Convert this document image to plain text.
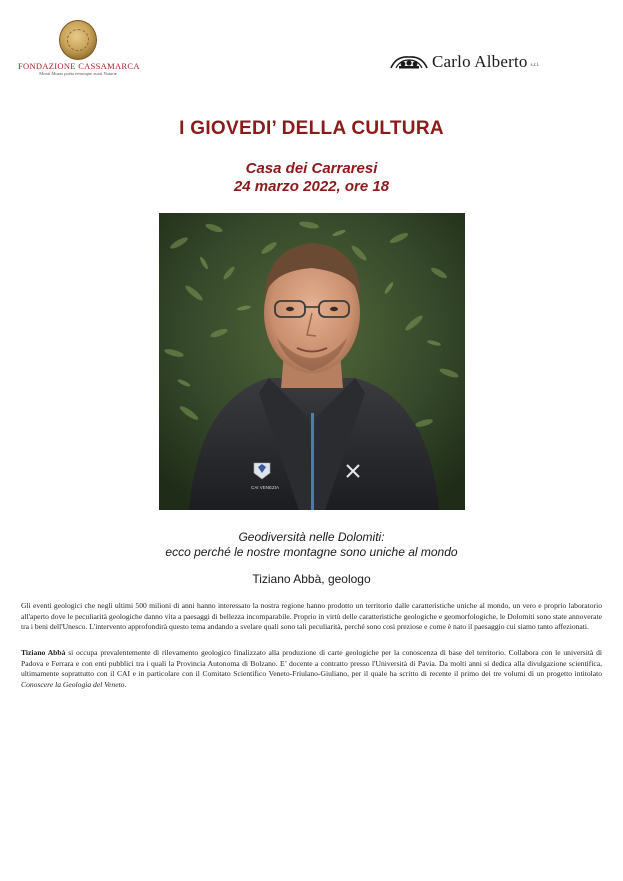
FONDAZIONE CASSAMARCA
Monti Musas poëta rerumque auxit Naturæ
Carlo Alberto s.r.l.
I GIOVEDI’ DELLA CULTURA
Casa dei Carraresi
24 marzo 2022, ore 18
CAI VENEZIA
Geodiversità nelle Dolomiti:
ecco perché le nostre montagne sono uniche al mondo
Tiziano Abbà, geologo
Gli eventi geologici che negli ultimi 500 milioni di anni hanno interessato la nostra regione hanno prodotto un territorio dalle caratteristiche uniche al mondo, un vero e proprio laboratorio all'aperto dove le peculiarità geologiche danno vita a paesaggi di bellezza incomparabile. Proprio in virtù delle caratteristiche geologiche e geomorfologiche, le Dolomiti sono state annoverate tra i beni dell'Unesco. L'intervento approfondirà questo tema andando a svelare quali sono tali peculiarità, perché sono così preziose e come è nato il paesaggio cui siamo tanto affezionati.
Tiziano Abbà si occupa prevalentemente di rilevamento geologico finalizzato alla produzione di carte geologiche per la conoscenza di base del territorio. Collabora con le università di Padova e Ferrara e con enti pubblici tra i quali la Provincia Autonoma di Bolzano. E’ docente a contratto presso l'Università di Pavia. Da molti anni si dedica alla divulgazione scientifica, ultimamente soprattutto con il CAI e in particolare con il Comitato Scientifico Veneto-Friulano-Giuliano, per il quale ha scritto di recente il primo dei tre volumi di un progetto intitolato Conoscere la Geologia del Veneto.
